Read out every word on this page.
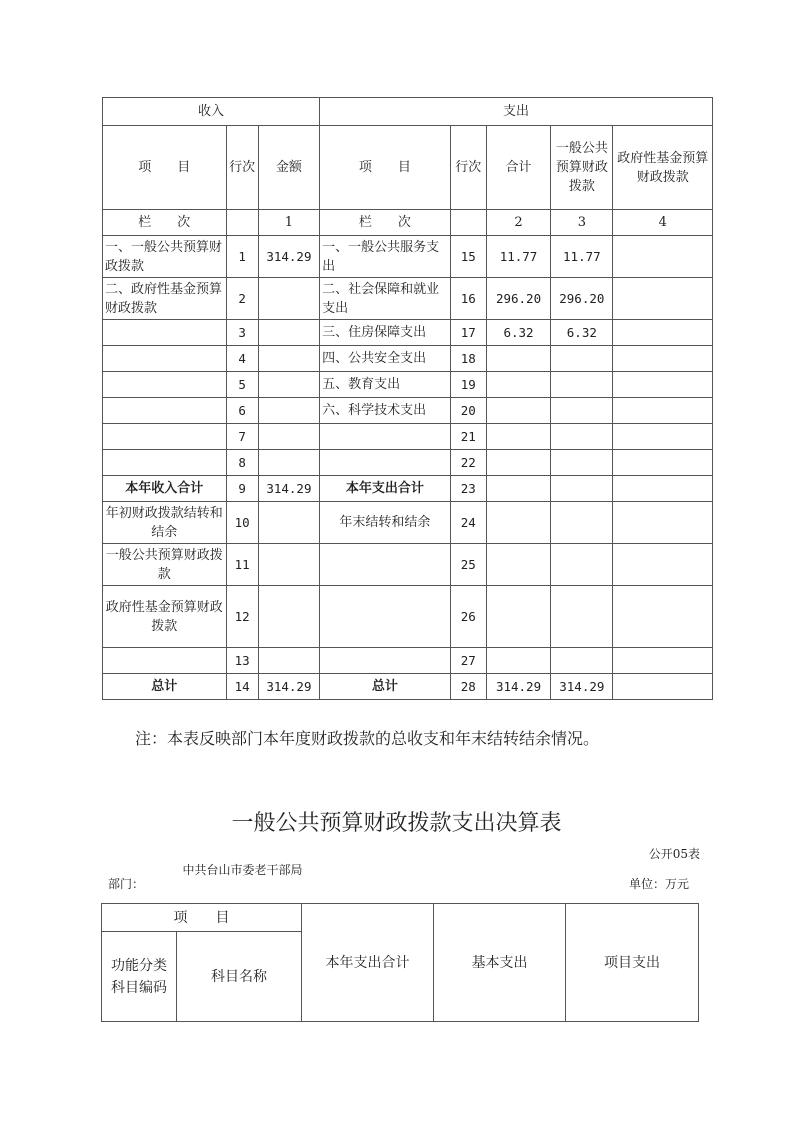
收入			支出				
项　　目	行次	金额	项　　目	行次	合计	一般公共预算财政拨款	政府性基金预算财政拨款
栏　　次		1	栏　　次		2	3	4
一、一般公共预算财政拨款	1	314.29	一、一般公共服务支出	15	11.77	11.77	
二、政府性基金预算财政拨款	2		二、社会保障和就业支出	16	296.20	296.20	
	3		三、住房保障支出	17	6.32	6.32	
	4		四、公共安全支出	18			
	5		五、教育支出	19			
	6		六、科学技术支出	20			
	7			21			
	8			22			
本年收入合计	9	314.29	本年支出合计	23			
年初财政拨款结转和结余	10		年末结转和结余	24			
一般公共预算财政拨款	11			25			
政府性基金预算财政拨款	12			26			
	13			27			
总计	14	314.29	总计	28	314.29	314.29	
注：本表反映部门本年度财政拨款的总收支和年末结转结余情况。
一般公共预算财政拨款支出决算表
公开05表
部门：
中共台山市委老干部局
单位：万元
项　　目		本年支出合计	基本支出	项目支出
功能分类科目编码	科目名称			
